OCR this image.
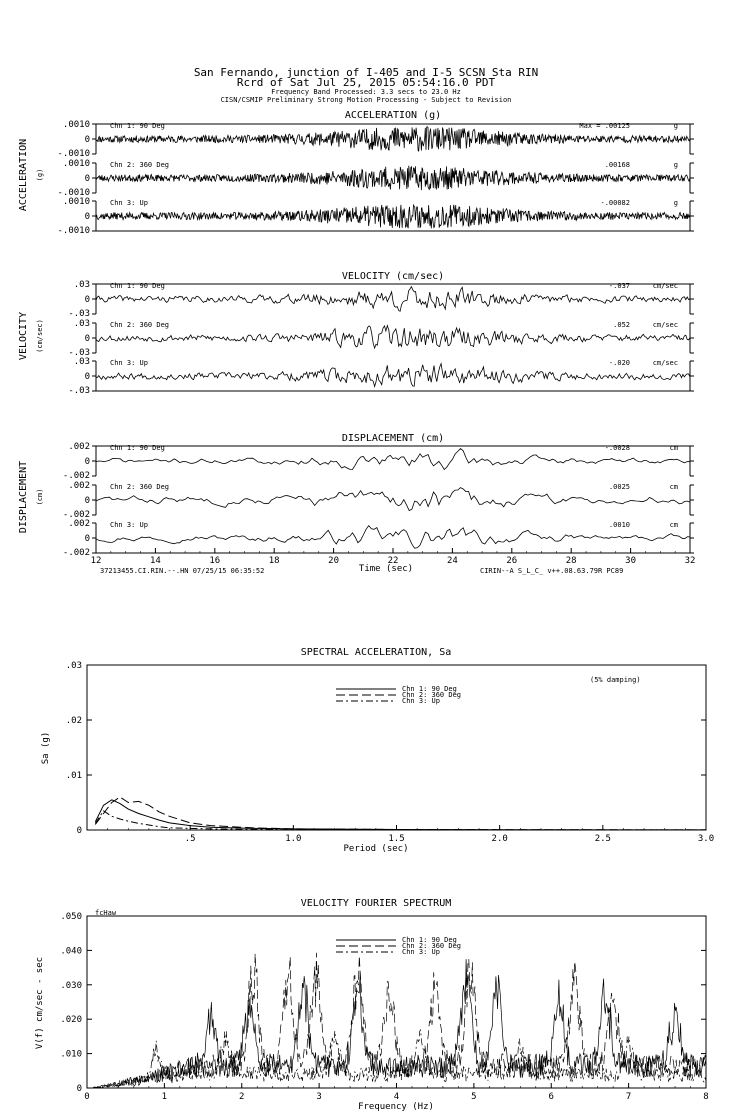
San Fernando, junction of I-405 and I-5 SCSN Sta RIN
Rcrd of Sat Jul 25, 2015 05:54:16.0 PDT
Frequency Band Processed: 3.3 secs to 23.0 Hz
CISN/CSMIP Preliminary Strong Motion Processing - Subject to Revision
ACCELERATION (g)
ACCELERATION (g)
.0010
0
-.0010
Chn 1: 90 Deg	Max = .00125	g
.0010
0
-.0010
Chn 2: 360 Deg	.00168	g
.0010
0
-.0010
Chn 3: Up	-.00082	g
VELOCITY (cm/sec)
VELOCITY (cm/sec)
.03
0
-.03
Chn 1: 90 Deg	-.037	cm/sec
.03
0
-.03
Chn 2: 360 Deg	.052	cm/sec
.03
0
-.03
Chn 3: Up	-.020	cm/sec
DISPLACEMENT (cm)
DISPLACEMENT (cm)
.002
0
-.002
Chn 1: 90 Deg	-.0028	cm
.002
0
-.002
Chn 2: 360 Deg	.0025	cm
.002
0
-.002
Chn 3: Up	.0010	cm
12	14	16	18	20	22	24	26	28	30	32
Time (sec)
37213455.CI.RIN.--.HN 07/25/15 06:35:52	CIRIN--A S_L_C_ v++.08.63.79R PC89
SPECTRAL ACCELERATION, Sa
(5% damping)
Sa (g)
Period (sec)
0
.01
.02
.03
.5	1.0	1.5	2.0	2.5	3.0
Chn 1: 90 Deg
Chn 2: 360 Deg
Chn 3: Up
VELOCITY FOURIER SPECTRUM
fcHaw
V(f) cm/sec - sec
Frequency (Hz)
0
.010
.020
.030
.040
.050
0	1	2	3	4	5	6	7	8
Chn 1: 90 Deg
Chn 2: 360 Deg
Chn 3: Up
